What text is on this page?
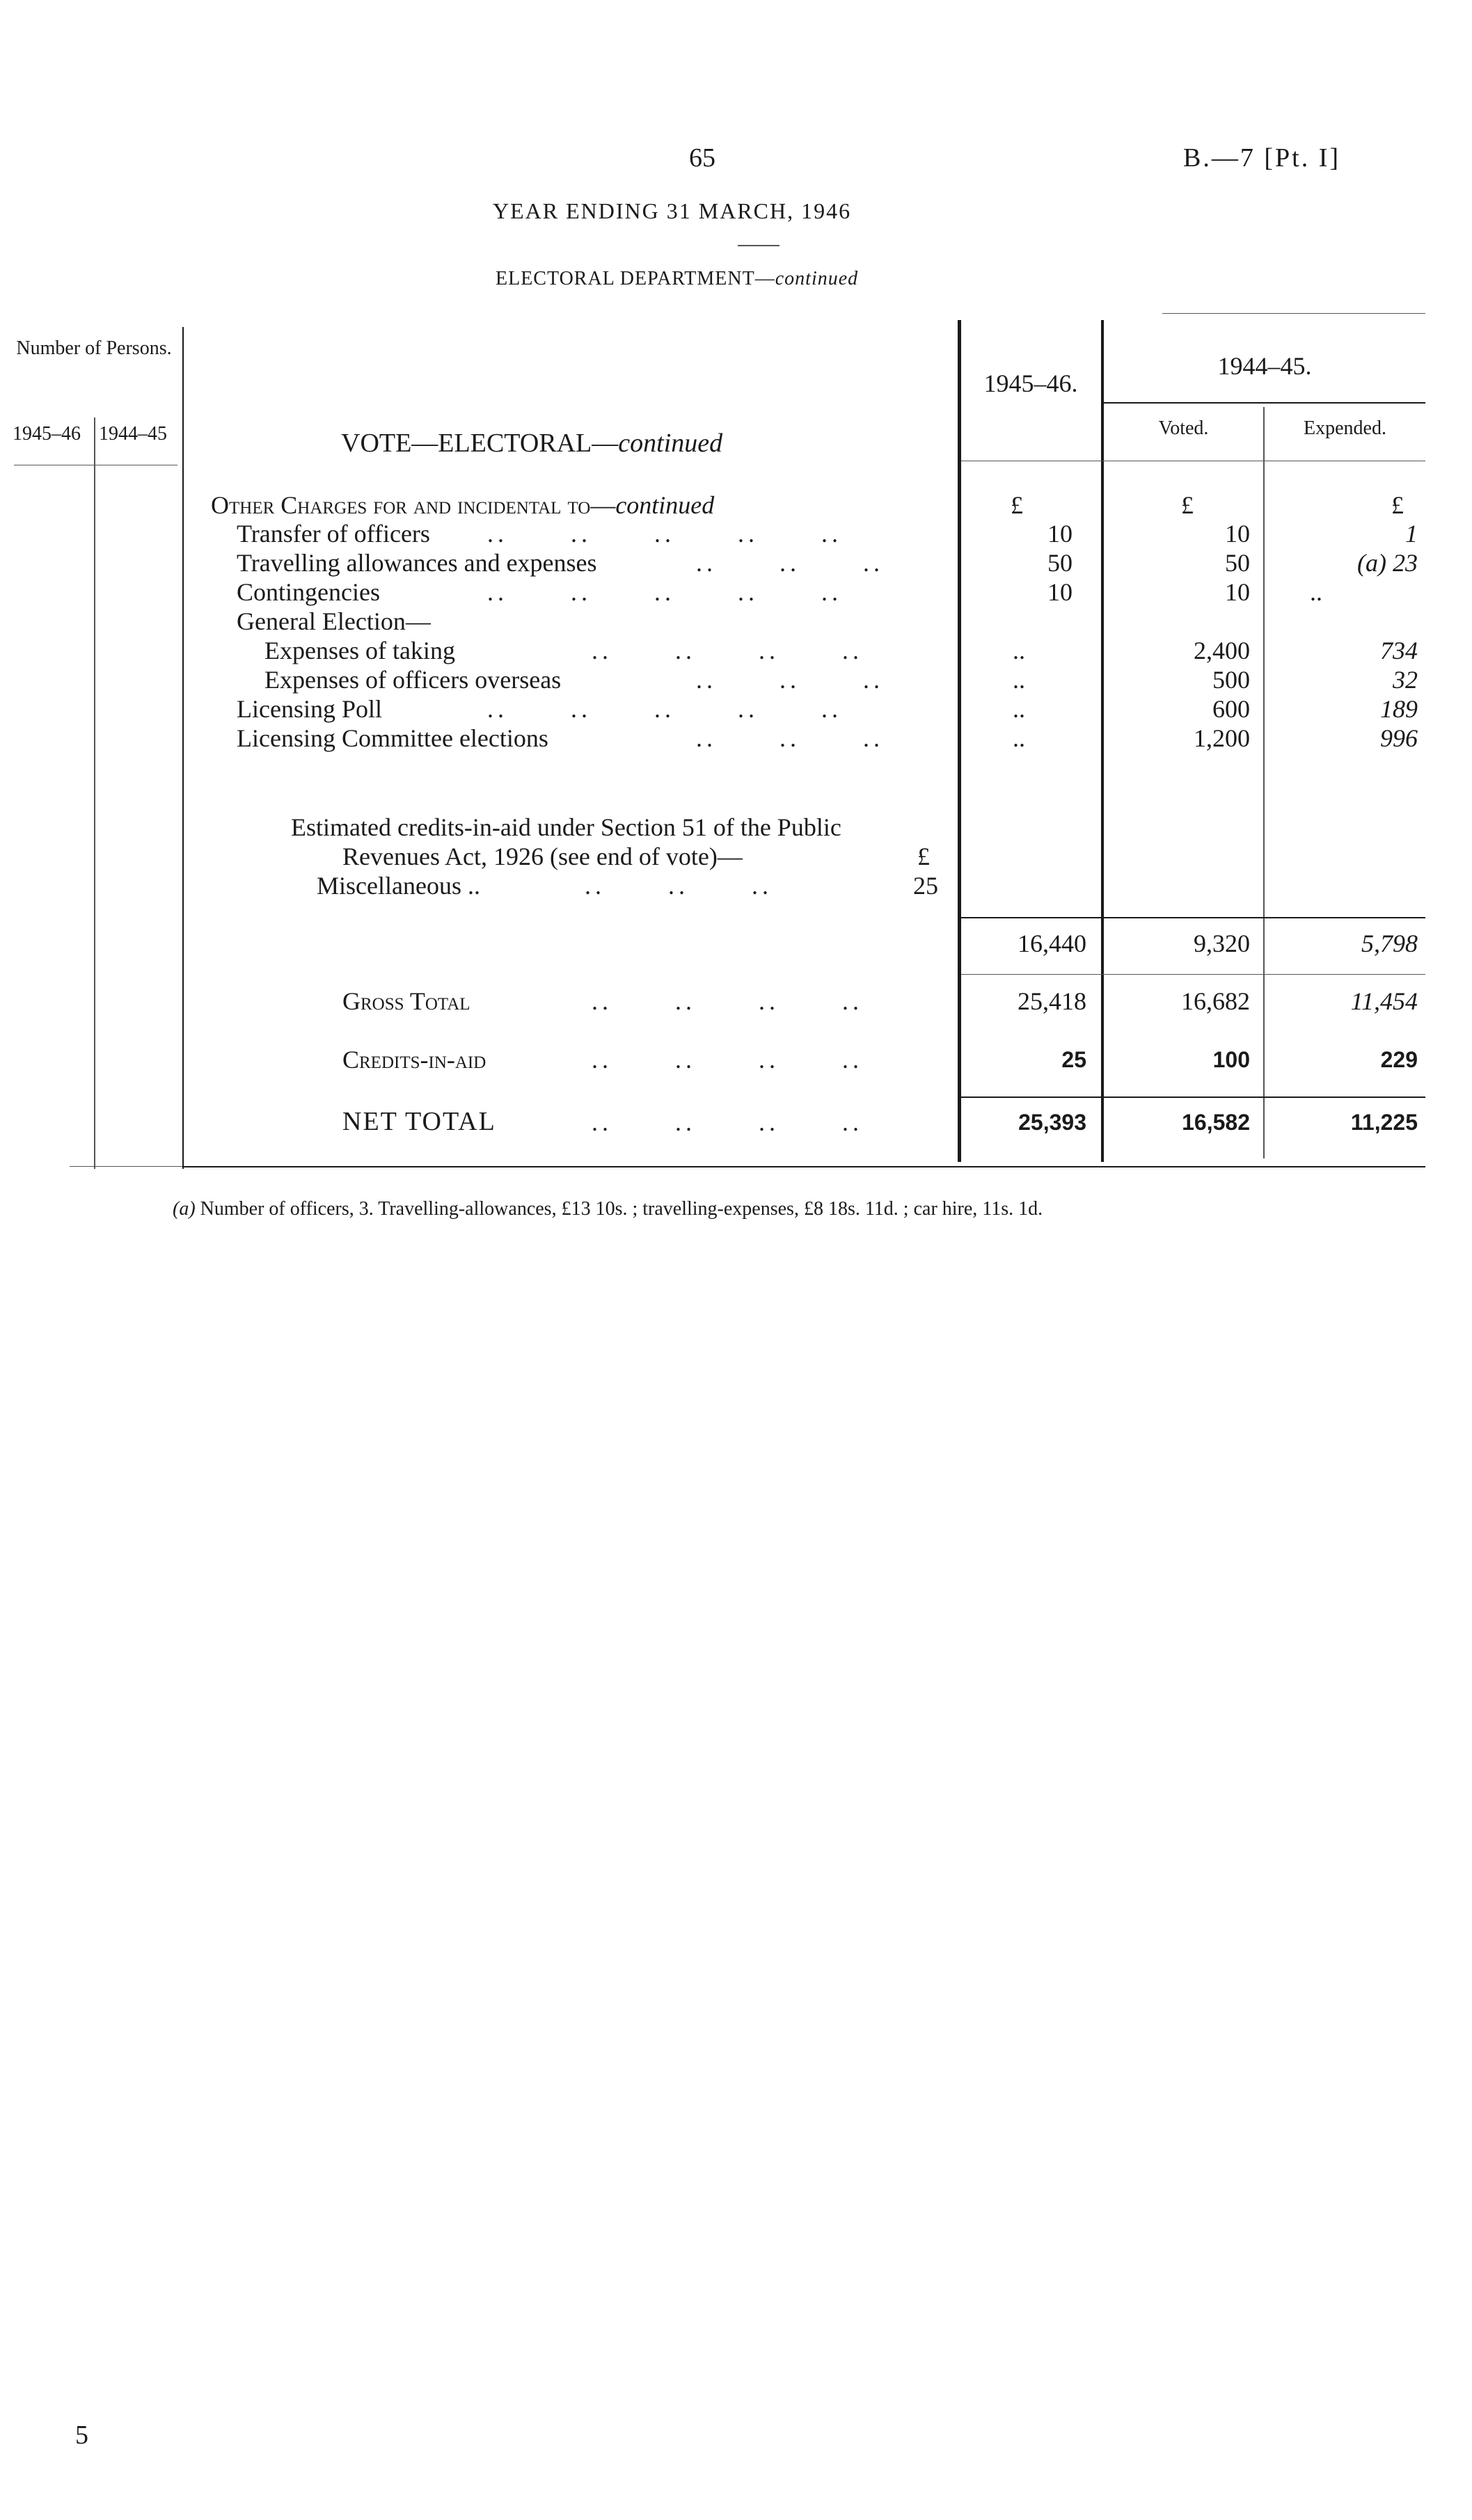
65	B.—7 [Pt. I]
YEAR ENDING 31 MARCH, 1946
ELECTORAL DEPARTMENT—continued
Number of Persons.
1945–46 1944–45	VOTE—ELECTORAL—continued
1945–46.
1944–45.
Voted.	Expended.
Other Charges for and incidental to—continued	£	£	£
Transfer of officers ..      ..      ..      ..      ..	10	10	1
Travelling allowances and expenses	..      ..      ..	50	50	(a) 23
Contingencies	..      ..      ..      ..      ..	10	10 ..
General Election—
Expenses of taking	..      ..      ..      ..	..	2,400	734
Expenses of officers overseas	..      ..      ..	..	500	32
Licensing Poll	..      ..      ..      ..      ..	..	600	189
Licensing Committee elections	..      ..      ..	..	1,200	996
Estimated credits-in-aid under Section 51 of the Public
Revenues Act, 1926 (see end of vote)—	£
Miscellaneous ..	..      ..      ..	25
16,440	9,320	5,798
Gross Total	..      ..      ..      ..	25,418	16,682	11,454
Credits-in-aid	..      ..      ..      ..	25	100	229
NET TOTAL	..      ..      ..      ..	25,393	16,582	11,225
(a) Number of officers, 3. Travelling-allowances, £13 10s. ; travelling-expenses, £8 18s. 11d. ; car hire, 11s. 1d.
5
